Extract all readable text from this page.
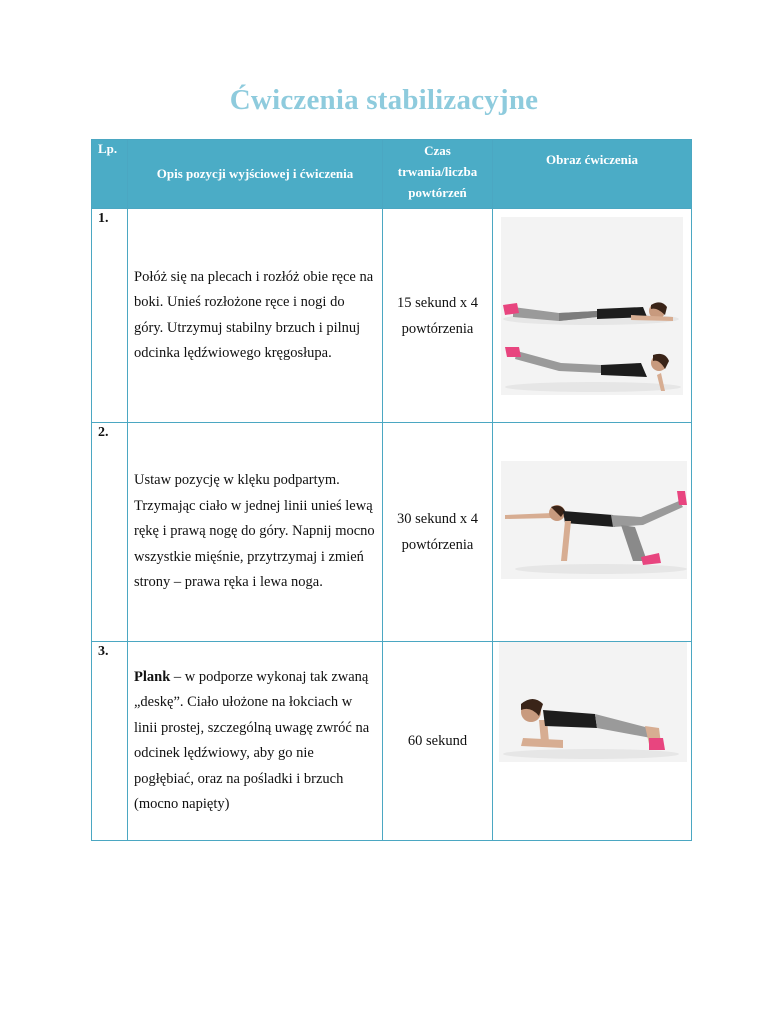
Ćwiczenia stabilizacyjne
Lp.	Opis pozycji wyjściowej i ćwiczenia	Czas trwania/liczba powtórzeń	Obraz ćwiczenia

1.	Połóż się na plecach i rozłóż obie ręce na boki. Unieś rozłożone ręce i nogi do góry. Utrzymuj stabilny brzuch i pilnuj odcinka lędźwiowego kręgosłupa.	15 sekund x 4 powtórzenia

2.	Ustaw pozycję w klęku podpartym. Trzymając ciało w jednej linii unieś lewą rękę i prawą nogę do góry. Napnij mocno wszystkie mięśnie, przytrzymaj i zmień strony – prawa ręka i lewa noga.	30 sekund x 4 powtórzenia

3.	Plank – w podporze wykonaj tak zwaną „deskę”. Ciało ułożone na łokciach w linii prostej, szczególną uwagę zwróć na odcinek lędźwiowy, aby go nie pogłębiać, oraz na pośladki i brzuch (mocno napięty)	60 sekund
